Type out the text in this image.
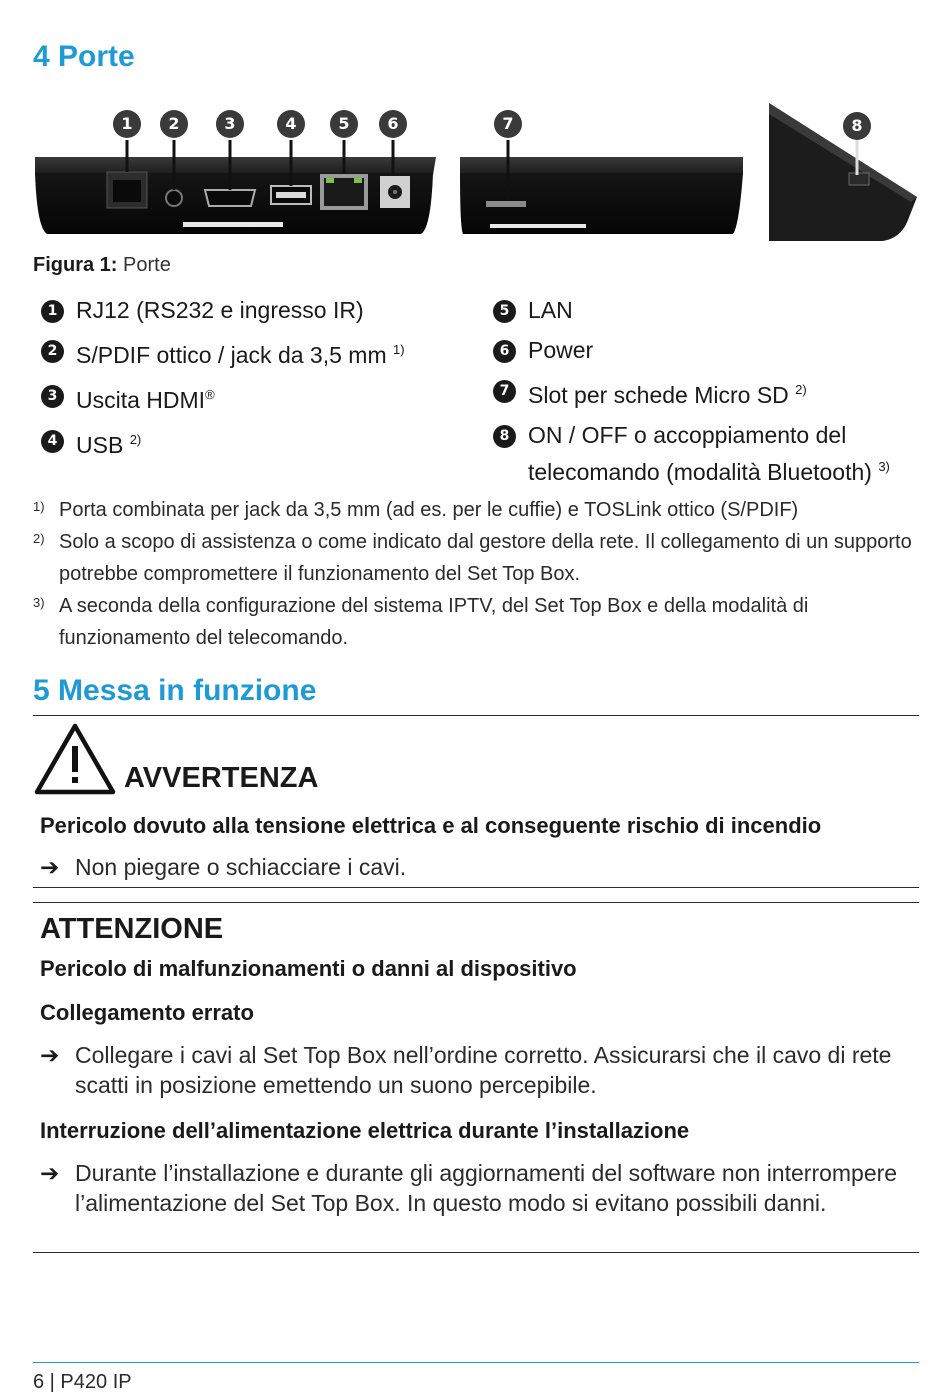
4 Porte
1	2	3	4	5	6	7	8
Figura 1: Porte
1 RJ12 (RS232 e ingresso IR)
2 S/PDIF ottico / jack da 3,5 mm $^{1)}$
3 Uscita HDMI®
4 USB $^{2)}$
5 LAN
6 Power
7 Slot per schede Micro SD $^{2)}$
8 ON / OFF o accoppiamento del telecomando (modalità Bluetooth) $^{3)}$
1) Porta combinata per jack da 3,5 mm (ad es. per le cuffie) e TOSLink ottico (S/PDIF)
2) Solo a scopo di assistenza o come indicato dal gestore della rete. Il collegamento di un supporto potrebbe compromettere il funzionamento del Set Top Box.
3) A seconda della configurazione del sistema IPTV, del Set Top Box e della modalità di funzionamento del telecomando.
5 Messa in funzione
AVVERTENZA
Pericolo dovuto alla tensione elettrica e al conseguente rischio di incendio
➔ Non piegare o schiacciare i cavi.
ATTENZIONE
Pericolo di malfunzionamenti o danni al dispositivo
Collegamento errato
➔ Collegare i cavi al Set Top Box nell’ordine corretto. Assicurarsi che il cavo di rete scatti in posizione emettendo un suono percepibile.
Interruzione dell’alimentazione elettrica durante l’installazione
➔ Durante l’installazione e durante gli aggiornamenti del software non interrompere l’alimentazione del Set Top Box. In questo modo si evitano possibili danni.
6 | P420 IP
